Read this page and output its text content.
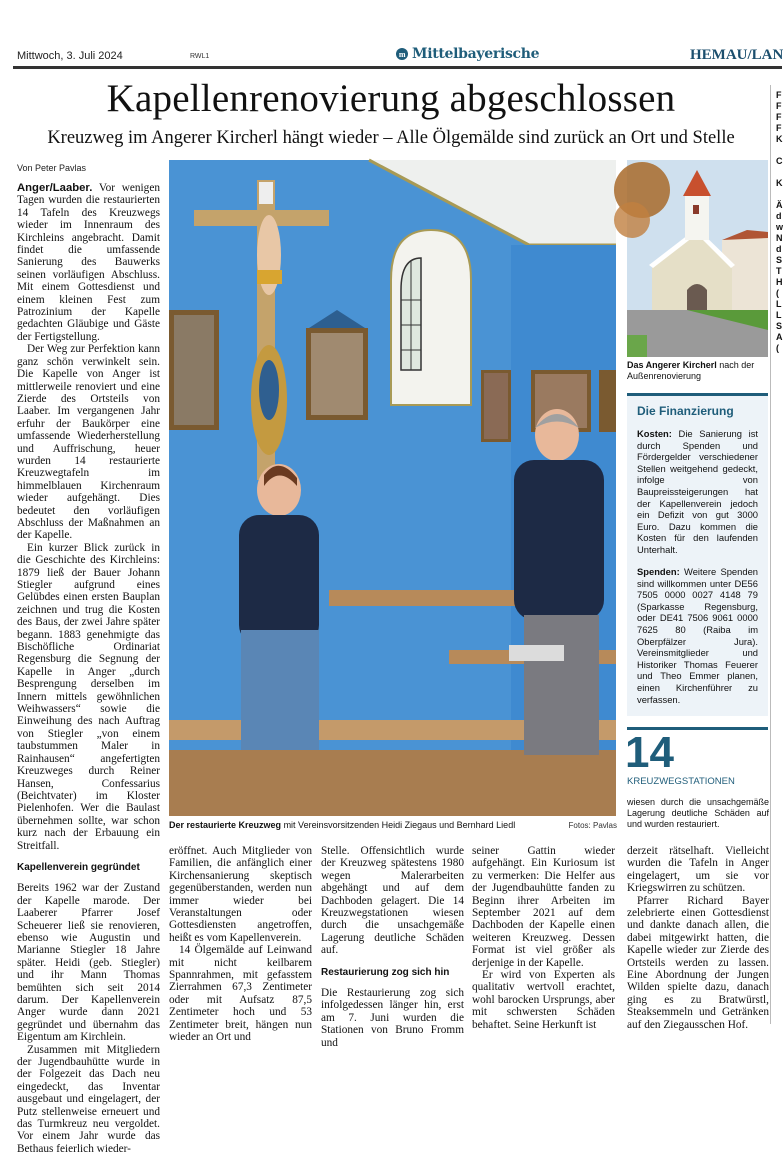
Mittwoch, 3. Juli 2024	RWL1	m Mittelbayerische	HEMAU/LAN
Kapellenrenovierung abgeschlossen
Kreuzweg im Angerer Kircherl hängt wieder – Alle Ölgemälde sind zurück an Ort und Stelle
Von Peter Pavlas

Anger/Laaber. Vor wenigen Tagen wurden die restaurierten 14 Tafeln des Kreuzwegs wieder im Innenraum des Kirchleins angebracht. Damit findet die umfassende Sanierung des Bauwerks seinen vorläufigen Abschluss. Mit einem Gottesdienst und einem kleinen Fest zum Patrozinium der Kapelle gedachten Gläubige und Gäste der Fertigstellung.

Der Weg zur Perfektion kann ganz schön verwinkelt sein. Die Kapelle von Anger ist mittlerweile renoviert und eine Zierde des Ortsteils von Laaber. Im vergangenen Jahr erfuhr der Baukörper eine umfassende Wiederherstellung und Auffrischung, heuer wurden 14 restaurierte Kreuzwegtafeln im himmelblauen Kirchenraum wieder aufgehängt. Dies bedeutet den vorläufigen Abschluss der Maßnahmen an der Kapelle.

Ein kurzer Blick zurück in die Geschichte des Kirchleins: 1879 ließ der Bauer Johann Stiegler aufgrund eines Gelübdes einen ersten Bauplan zeichnen und trug die Kosten des Baus, der zwei Jahre später begann. 1883 genehmigte das Bischöfliche Ordinariat Regensburg die Segnung der Kapelle in Anger „durch Besprengung derselben im Innern mittels gewöhnlichen Weihwassers“ sowie die Einweihung des nach Auftrag von Stiegler „von einem taubstummen Maler in Rainhausen“ angefertigten Kreuzweges durch Reiner Hansen, Confessarius (Beichtvater) im Kloster Pielenhofen. Wer die Baulast übernehmen sollte, war schon kurz nach der Erbauung ein Streitfall.

Kapellenverein gegründet

Bereits 1962 war der Zustand der Kapelle marode. Der Laaberer Pfarrer Josef Scheuerer ließ sie renovieren, ebenso wie Augustin und Marianne Stiegler 18 Jahre später. Heidi (geb. Stiegler) und ihr Mann Thomas bemühten sich seit 2014 darum. Der Kapellenverein Anger wurde dann 2021 gegründet und übernahm das Eigentum am Kirchlein.

Zusammen mit Mitgliedern der Jugendbauhütte wurde in der Folgezeit das Dach neu eingedeckt, das Inventar ausgebaut und eingelagert, der Putz stellenweise erneuert und das Turmkreuz neu vergoldet. Vor einem Jahr wurde das Bethaus feierlich wieder-

Der restaurierte Kreuzweg mit Vereinsvorsitzenden Heidi Ziegaus und Bernhard Liedl	Fotos: Pavlas

eröffnet. Auch Mitglieder von Familien, die anfänglich einer Kirchensanierung skeptisch gegenüberstanden, werden nun immer wieder bei Veranstaltungen oder Gottesdiensten angetroffen, heißt es vom Kapellenverein.

14 Ölgemälde auf Leinwand mit nicht keilbarem Spannrahmen, mit gefasstem Zierrahmen 67,3 Zentimeter oder mit Aufsatz 87,5 Zentimeter hoch und 53 Zentimeter breit, hängen nun wieder an Ort und

Stelle. Offensichtlich wurde der Kreuzweg spätestens 1980 wegen Malerarbeiten abgehängt und auf dem Dachboden gelagert. Die 14 Kreuzwegstationen wiesen durch die unsachgemäße Lagerung deutliche Schäden auf.

Restaurierung zog sich hin

Die Restaurierung zog sich infolgedessen länger hin, erst am 7. Juni wurden die Stationen von Bruno Fromm und

seiner Gattin wieder aufgehängt. Ein Kuriosum ist zu vermerken: Die Helfer aus der Jugendbauhütte fanden zu Beginn ihrer Arbeiten im September 2021 auf dem Dachboden der Kapelle einen weiteren Kreuzweg. Dessen Format ist viel größer als derjenige in der Kapelle.

Er wird von Experten als qualitativ wertvoll erachtet, wohl barocken Ursprungs, aber mit schwersten Schäden behaftet. Seine Herkunft ist

derzeit rätselhaft. Vielleicht wurden die Tafeln in Anger eingelagert, um sie vor Kriegswirren zu schützen.

Pfarrer Richard Bayer zelebrierte einen Gottesdienst und dankte danach allen, die dabei mitgewirkt hatten, die Kapelle wieder zur Zierde des Ortsteils werden zu lassen. Eine Abordnung der Jungen Wilden spielte dazu, danach ging es zu Bratwürstl, Steaksemmeln und Getränken auf den Ziegausschen Hof.

Das Angerer Kircherl nach der Außenrenovierung
Die Finanzierung
Kosten: Die Sanierung ist durch Spenden und Fördergelder verschiedener Stellen weitgehend gedeckt, infolge von Baupreissteigerungen hat der Kapellenverein jedoch ein Defizit von gut 3000 Euro. Dazu kommen die Kosten für den laufenden Unterhalt.
Spenden: Weitere Spenden sind willkommen unter DE56 7505 0000 0027 4148 79 (Sparkasse Regensburg, oder DE41 7506 9061 0000 7625 80 (Raiba im Oberpfälzer Jura). Vereinsmitglieder und Historiker Thomas Feuerer und Theo Emmer planen, einen Kirchenführer zu verfassen.
14
KREUZWEGSTATIONEN
wiesen durch die unsachgemäße Lagerung deutliche Schäden auf und wurden restauriert.
F
F
F
F
K

C

K

Ä
d
w
N
d
S
T
H
(
L
L
S
A
(
